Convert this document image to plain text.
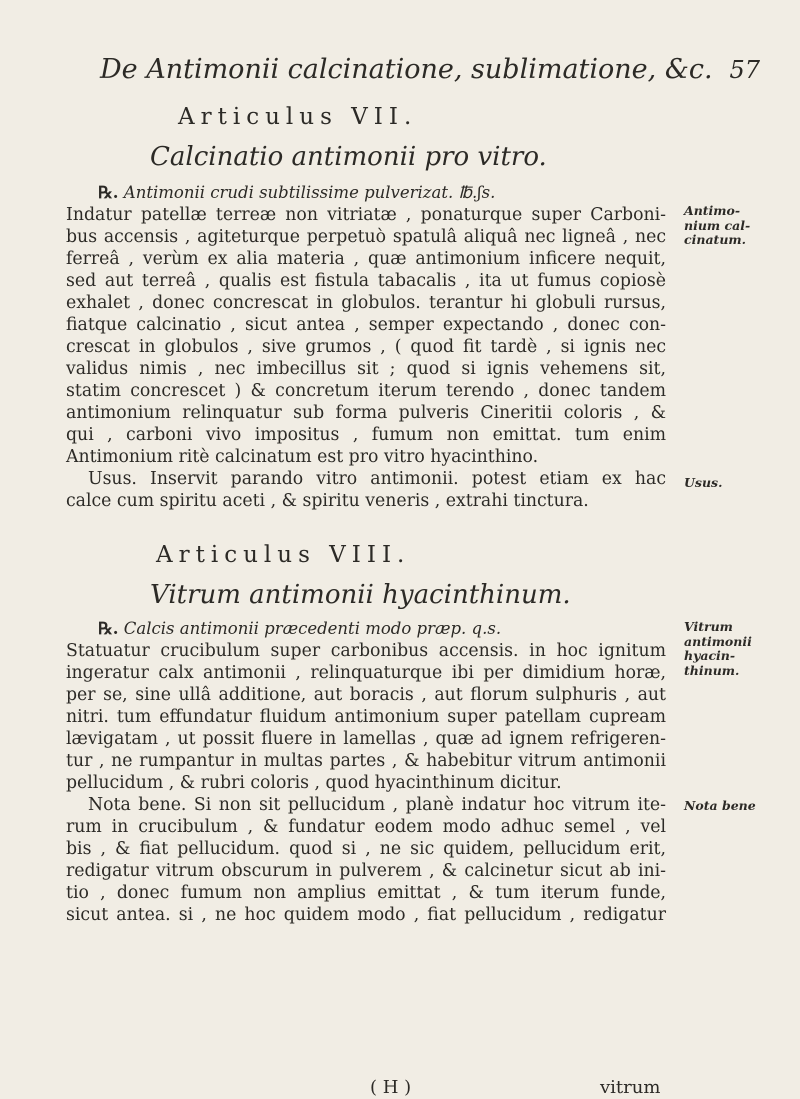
De Antimonii calcinatione, sublimatione, &c. 57
Articulus VII.
Calcinatio antimonii pro vitro.
℞. Antimonii crudi subtilissime pulverizat. ℔.ʃs.
Indatur patellæ terreæ non vitriatæ , ponaturque super Carboni-
bus accensis , agiteturque perpetuò spatulâ aliquâ nec ligneâ , nec
ferreâ , verùm ex alia materia , quæ antimonium inficere nequit,
sed aut terreâ , qualis est fistula tabacalis , ita ut fumus copiosè
exhalet , donec concrescat in globulos. terantur hi globuli rursus,
fiatque calcinatio , sicut antea , semper expectando , donec con-
crescat in globulos , sive grumos , ( quod fit tardè , si ignis nec
validus nimis , nec imbecillus sit ; quod si ignis vehemens sit,
statim concrescet ) & concretum iterum terendo , donec tandem
antimonium relinquatur sub forma pulveris Cineritii coloris , &
qui , carboni vivo impositus , fumum non emittat. tum enim
Antimonium ritè calcinatum est pro vitro hyacinthino.
Usus. Inservit parando vitro antimonii. potest etiam ex hac
calce cum spiritu aceti , & spiritu veneris , extrahi tinctura.
Antimo-
nium cal-
cinatum.
Usus.
Articulus VIII.
Vitrum antimonii hyacinthinum.
℞. Calcis antimonii præcedenti modo præp. q.s.
Statuatur crucibulum super carbonibus accensis. in hoc ignitum
ingeratur calx antimonii , relinquaturque ibi per dimidium horæ,
per se, sine ullâ additione, aut boracis , aut florum sulphuris , aut
nitri. tum effundatur fluidum antimonium super patellam cupream
lævigatam , ut possit fluere in lamellas , quæ ad ignem refrigeren-
tur , ne rumpantur in multas partes , & habebitur vitrum antimonii
pellucidum , & rubri coloris , quod hyacinthinum dicitur.
Nota bene. Si non sit pellucidum , planè indatur hoc vitrum ite-
rum in crucibulum , & fundatur eodem modo adhuc semel , vel
bis , & fiat pellucidum. quod si , ne sic quidem, pellucidum erit,
redigatur vitrum obscurum in pulverem , & calcinetur sicut ab ini-
tio , donec fumum non amplius emittat , & tum iterum funde,
sicut antea. si , ne hoc quidem modo , fiat pellucidum , redigatur
Vitrum
antimonii
hyacin-
thinum.
Nota bene
( H )	vitrum
